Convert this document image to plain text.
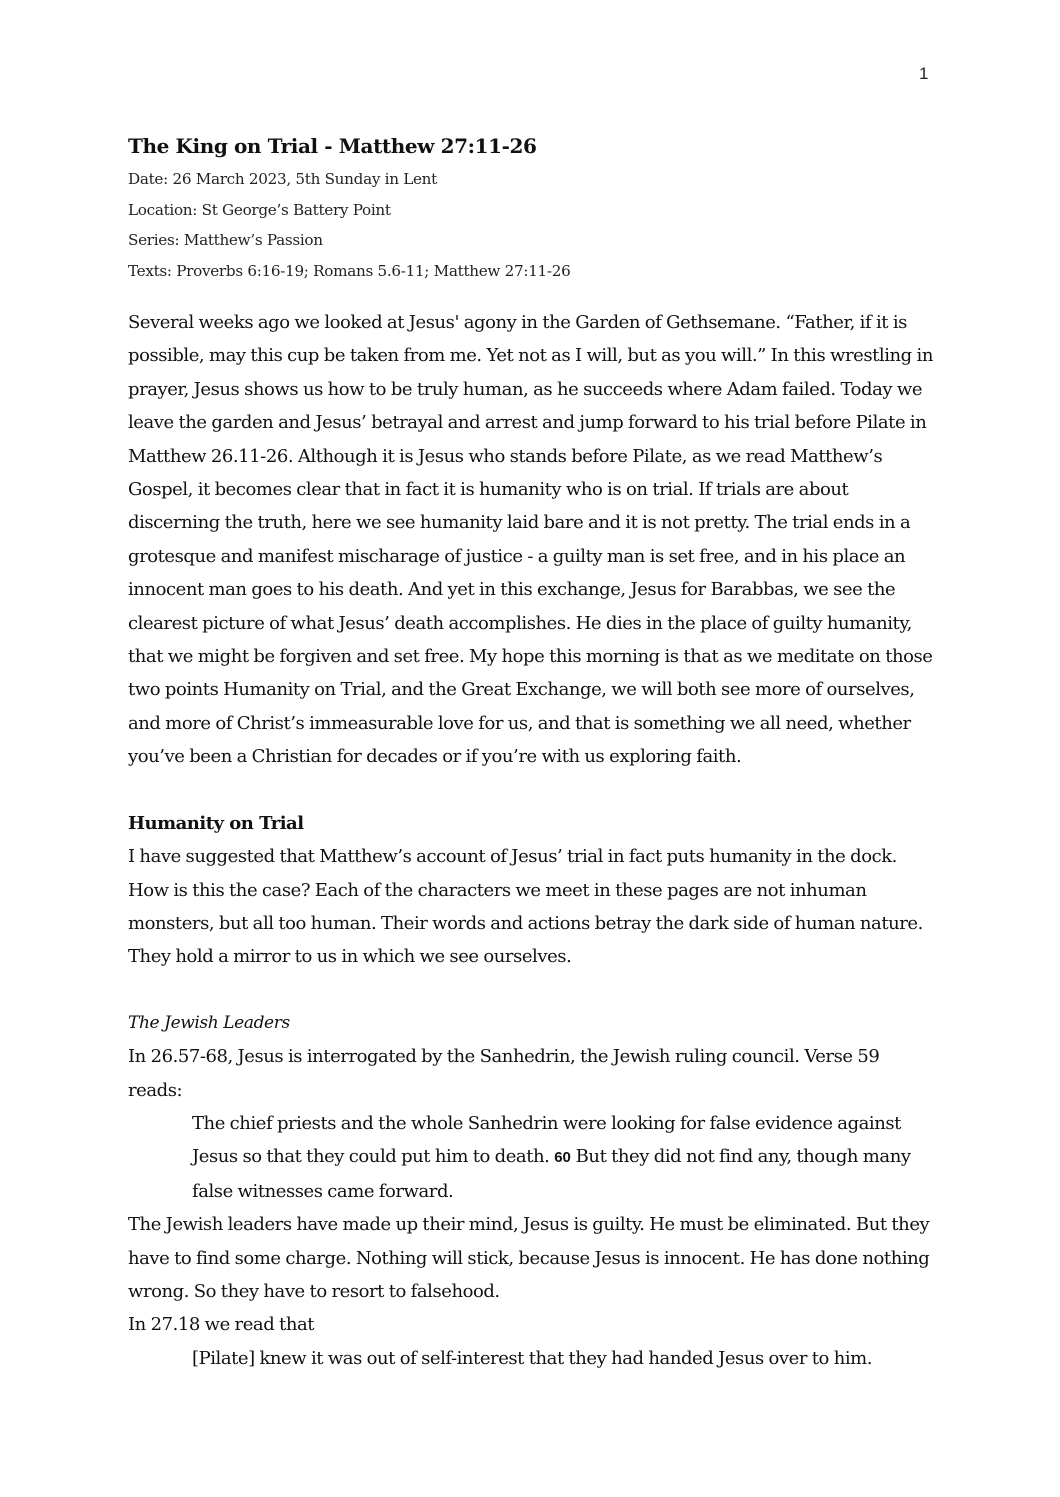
1
The King on Trial - Matthew 27:11-26
Date: 26 March 2023, 5th Sunday in Lent
Location: St George’s Battery Point
Series: Matthew’s Passion
Texts: Proverbs 6:16-19; Romans 5.6-11; Matthew 27:11-26

Several weeks ago we looked at Jesus' agony in the Garden of Gethsemane. “Father, if it is possible, may this cup be taken from me. Yet not as I will, but as you will.” In this wrestling in prayer, Jesus shows us how to be truly human, as he succeeds where Adam failed. Today we leave the garden and Jesus’ betrayal and arrest and jump forward to his trial before Pilate in Matthew 26.11-26. Although it is Jesus who stands before Pilate, as we read Matthew’s Gospel, it becomes clear that in fact it is humanity who is on trial. If trials are about discerning the truth, here we see humanity laid bare and it is not pretty. The trial ends in a grotesque and manifest mischarage of justice - a guilty man is set free, and in his place an innocent man goes to his death. And yet in this exchange, Jesus for Barabbas, we see the clearest picture of what Jesus’ death accomplishes. He dies in the place of guilty humanity, that we might be forgiven and set free. My hope this morning is that as we meditate on those two points Humanity on Trial, and the Great Exchange, we will both see more of ourselves, and more of Christ’s immeasurable love for us, and that is something we all need, whether you’ve been a Christian for decades or if you’re with us exploring faith.

Humanity on Trial

I have suggested that Matthew’s account of Jesus’ trial in fact puts humanity in the dock. How is this the case? Each of the characters we meet in these pages are not inhuman monsters, but all too human. Their words and actions betray the dark side of human nature. They hold a mirror to us in which we see ourselves.

The Jewish Leaders

In 26.57-68, Jesus is interrogated by the Sanhedrin, the Jewish ruling council. Verse 59 reads:

The chief priests and the whole Sanhedrin were looking for false evidence against Jesus so that they could put him to death. 60 But they did not find any, though many false witnesses came forward.

The Jewish leaders have made up their mind, Jesus is guilty. He must be eliminated. But they have to find some charge. Nothing will stick, because Jesus is innocent. He has done nothing wrong. So they have to resort to falsehood.

In 27.18 we read that

[Pilate] knew it was out of self-interest that they had handed Jesus over to him.
